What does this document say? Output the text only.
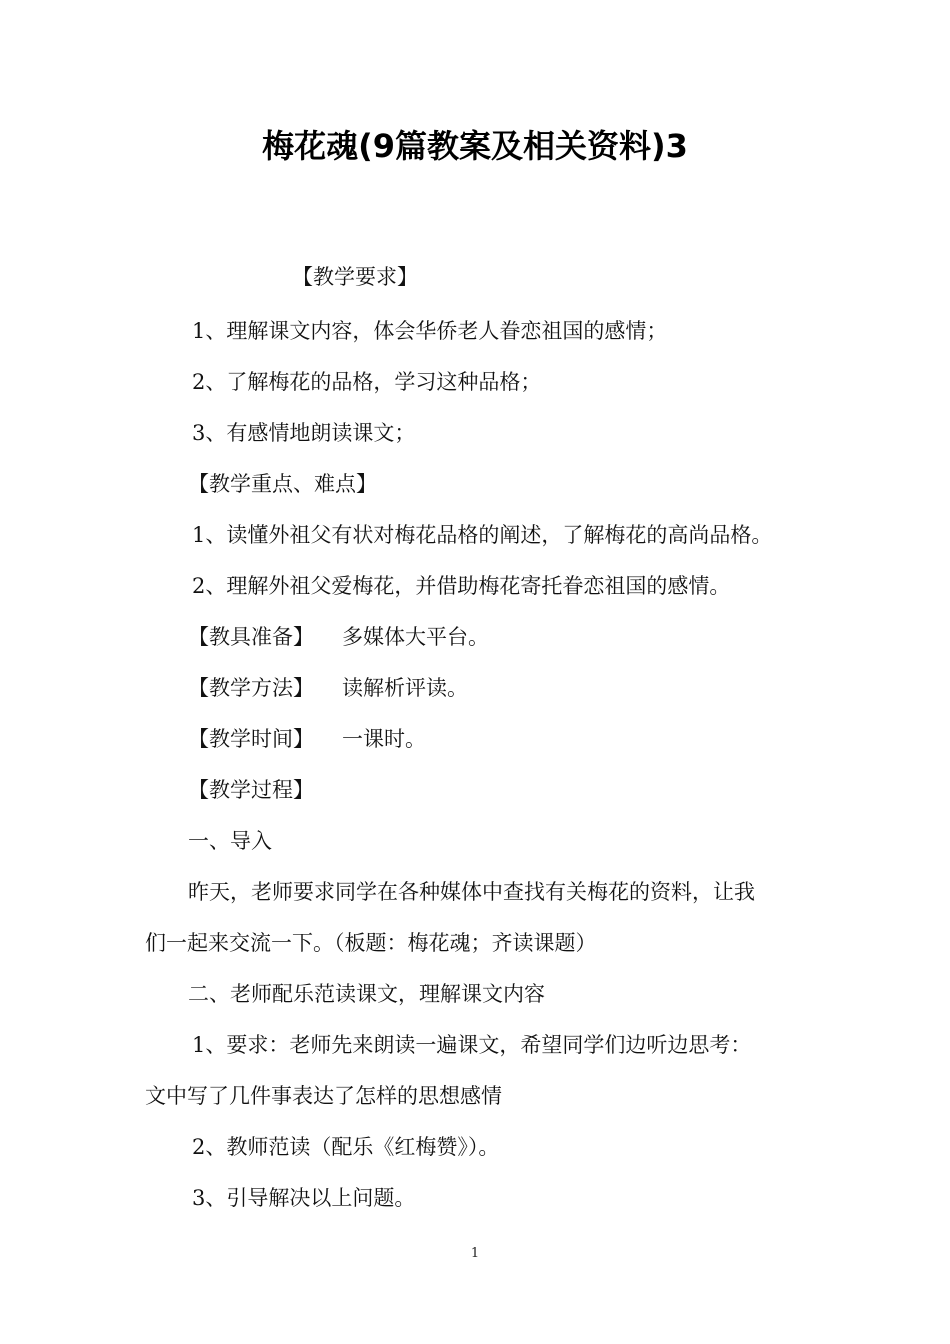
梅花魂(9篇教案及相关资料)3
【教学要求】
1、理解课文内容，体会华侨老人眷恋祖国的感情；
2、了解梅花的品格，学习这种品格；
3、有感情地朗读课文；
【教学重点、难点】
1、读懂外祖父有状对梅花品格的阐述，了解梅花的高尚品格。
2、理解外祖父爱梅花，并借助梅花寄托眷恋祖国的感情。
【教具准备】 多媒体大平台。
【教学方法】 读解析评读。
【教学时间】 一课时。
【教学过程】
一、导入
昨天，老师要求同学在各种媒体中查找有关梅花的资料，让我
们一起来交流一下。（板题：梅花魂；齐读课题）
二、老师配乐范读课文，理解课文内容
1、要求：老师先来朗读一遍课文，希望同学们边听边思考：
文中写了几件事表达了怎样的思想感情
2、教师范读（配乐《红梅赞》）。
3、引导解决以上问题。
1
